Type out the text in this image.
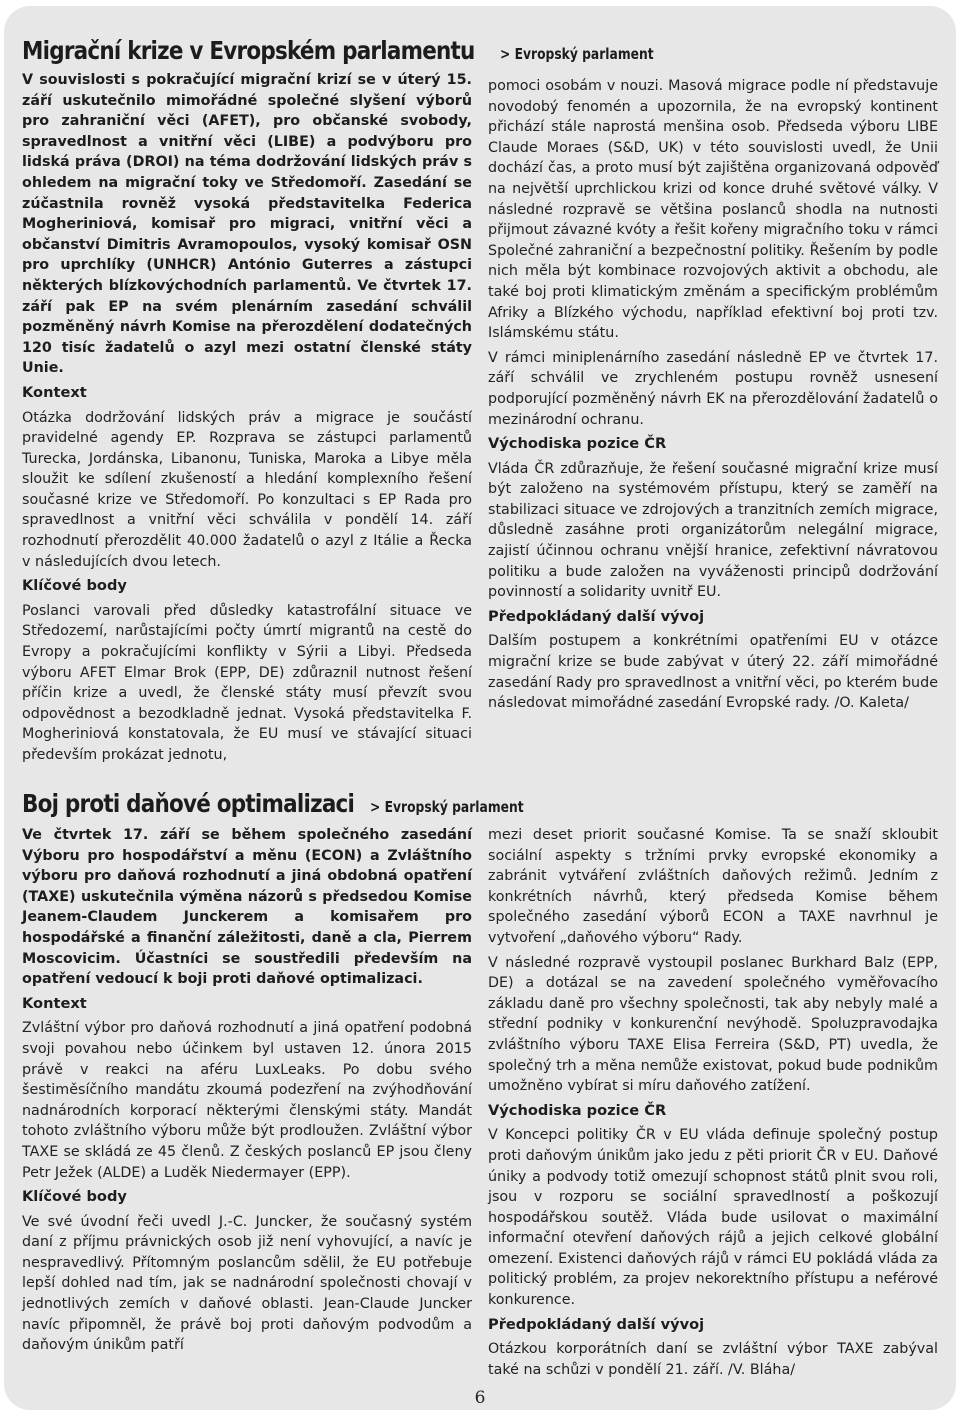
Migrační krize v Evropském parlamentu > Evropský parlament

V souvislosti s pokračující migrační krizí se v úterý 15. září uskutečnilo mimořádné společné slyšení výborů pro zahraniční věci (AFET), pro občanské svobody, spravedlnost a vnitřní věci (LIBE) a podvýboru pro lidská práva (DROI) na téma dodržování lidských práv s ohledem na migrační toky ve Středomoří. Zasedání se zúčastnila rovněž vysoká představitelka Federica Mogheriniová, komisař pro migraci, vnitřní věci a občanství Dimitris Avramopoulos, vysoký komisař OSN pro uprchlíky (UNHCR) António Guterres a zástupci některých blízkovýchodních parlamentů. Ve čtvrtek 17. září pak EP na svém plenárním zasedání schválil pozměněný návrh Komise na přerozdělení dodatečných 120 tisíc žadatelů o azyl mezi ostatní členské státy Unie.

Kontext

Otázka dodržování lidských práv a migrace je součástí pravidelné agendy EP. Rozprava se zástupci parlamentů Turecka, Jordánska, Libanonu, Tuniska, Maroka a Libye měla sloužit ke sdílení zkušeností a hledání komplexního řešení současné krize ve Středomoří. Po konzultaci s EP Rada pro spravedlnost a vnitřní věci schválila v pondělí 14. září rozhodnutí přerozdělit 40.000 žadatelů o azyl z Itálie a Řecka v následujících dvou letech.

Klíčové body

Poslanci varovali před důsledky katastrofální situace ve Středozemí, narůstajícími počty úmrtí migrantů na cestě do Evropy a pokračujícími konflikty v Sýrii a Libyi. Předseda výboru AFET Elmar Brok (EPP, DE) zdůraznil nutnost řešení příčin krize a uvedl, že členské státy musí převzít svou odpovědnost a bezodkladně jednat. Vysoká představitelka F. Mogheriniová konstatovala, že EU musí ve stávající situaci především prokázat jednotu,

pomoci osobám v nouzi. Masová migrace podle ní představuje novodobý fenomén a upozornila, že na evropský kontinent přichází stále naprostá menšina osob. Předseda výboru LIBE Claude Moraes (S&D, UK) v této souvislosti uvedl, že Unii dochází čas, a proto musí být zajištěna organizovaná odpověď na největší uprchlickou krizi od konce druhé světové války. V následné rozpravě se většina poslanců shodla na nutnosti přijmout závazné kvóty a řešit kořeny migračního toku v rámci Společné zahraniční a bezpečnostní politiky. Řešením by podle nich měla být kombinace rozvojových aktivit a obchodu, ale také boj proti klimatickým změnám a specifickým problémům Afriky a Blízkého východu, například efektivní boj proti tzv. Islámskému státu.

V rámci miniplenárního zasedání následně EP ve čtvrtek 17. září schválil ve zrychleném postupu rovněž usnesení podporující pozměněný návrh EK na přerozdělování žadatelů o mezinárodní ochranu.

Východiska pozice ČR

Vláda ČR zdůrazňuje, že řešení současné migrační krize musí být založeno na systémovém přístupu, který se zaměří na stabilizaci situace ve zdrojových a tranzitních zemích migrace, důsledně zasáhne proti organizátorům nelegální migrace, zajistí účinnou ochranu vnější hranice, zefektivní návratovou politiku a bude založen na vyváženosti principů dodržování povinností a solidarity uvnitř EU.

Předpokládaný další vývoj

Dalším postupem a konkrétními opatřeními EU v otázce migrační krize se bude zabývat v úterý 22. září mimořádné zasedání Rady pro spravedlnost a vnitřní věci, po kterém bude následovat mimořádné zasedání Evropské rady. /O. Kaleta/

Boj proti daňové optimalizaci > Evropský parlament

Ve čtvrtek 17. září se během společného zasedání Výboru pro hospodářství a měnu (ECON) a Zvláštního výboru pro daňová rozhodnutí a jiná obdobná opatření (TAXE) uskutečnila výměna názorů s předsedou Komise Jeanem-Claudem Junckerem a komisařem pro hospodářské a finanční záležitosti, daně a cla, Pierrem Moscovicim. Účastníci se soustředili především na opatření vedoucí k boji proti daňové optimalizaci.

Kontext

Zvláštní výbor pro daňová rozhodnutí a jiná opatření podobná svoji povahou nebo účinkem byl ustaven 12. února 2015 právě v reakci na aféru LuxLeaks. Po dobu svého šestiměsíčního mandátu zkoumá podezření na zvýhodňování nadnárodních korporací některými členskými státy. Mandát tohoto zvláštního výboru může být prodloužen. Zvláštní výbor TAXE se skládá ze 45 členů. Z českých poslanců EP jsou členy Petr Ježek (ALDE) a Luděk Niedermayer (EPP).

Klíčové body

Ve své úvodní řeči uvedl J.-C. Juncker, že současný systém daní z příjmu právnických osob již není vyhovující, a navíc je nespravedlivý. Přítomným poslancům sdělil, že EU potřebuje lepší dohled nad tím, jak se nadnárodní společnosti chovají v jednotlivých zemích v daňové oblasti. Jean-Claude Juncker navíc připomněl, že právě boj proti daňovým podvodům a daňovým únikům patří

mezi deset priorit současné Komise. Ta se snaží skloubit sociální aspekty s tržními prvky evropské ekonomiky a zabránit vytváření zvláštních daňových režimů. Jedním z konkrétních návrhů, který předseda Komise během společného zasedání výborů ECON a TAXE navrhnul je vytvoření „daňového výboru“ Rady.

V následné rozpravě vystoupil poslanec Burkhard Balz (EPP, DE) a dotázal se na zavedení společného vyměřovacího základu daně pro všechny společnosti, tak aby nebyly malé a střední podniky v konkurenční nevýhodě. Spoluzpravodajka zvláštního výboru TAXE Elisa Ferreira (S&D, PT) uvedla, že společný trh a měna nemůže existovat, pokud bude podnikům umožněno vybírat si míru daňového zatížení.

Východiska pozice ČR

V Koncepci politiky ČR v EU vláda definuje společný postup proti daňovým únikům jako jedu z pěti priorit ČR v EU. Daňové úniky a podvody totiž omezují schopnost států plnit svou roli, jsou v rozporu se sociální spravedlností a poškozují hospodářskou soutěž. Vláda bude usilovat o maximální informační otevření daňových rájů a jejich celkové globální omezení. Existenci daňových rájů v rámci EU pokládá vláda za politický problém, za projev nekorektního přístupu a neférové konkurence.

Předpokládaný další vývoj

Otázkou korporátních daní se zvláštní výbor TAXE zabýval také na schůzi v pondělí 21. září. /V. Bláha/

6
